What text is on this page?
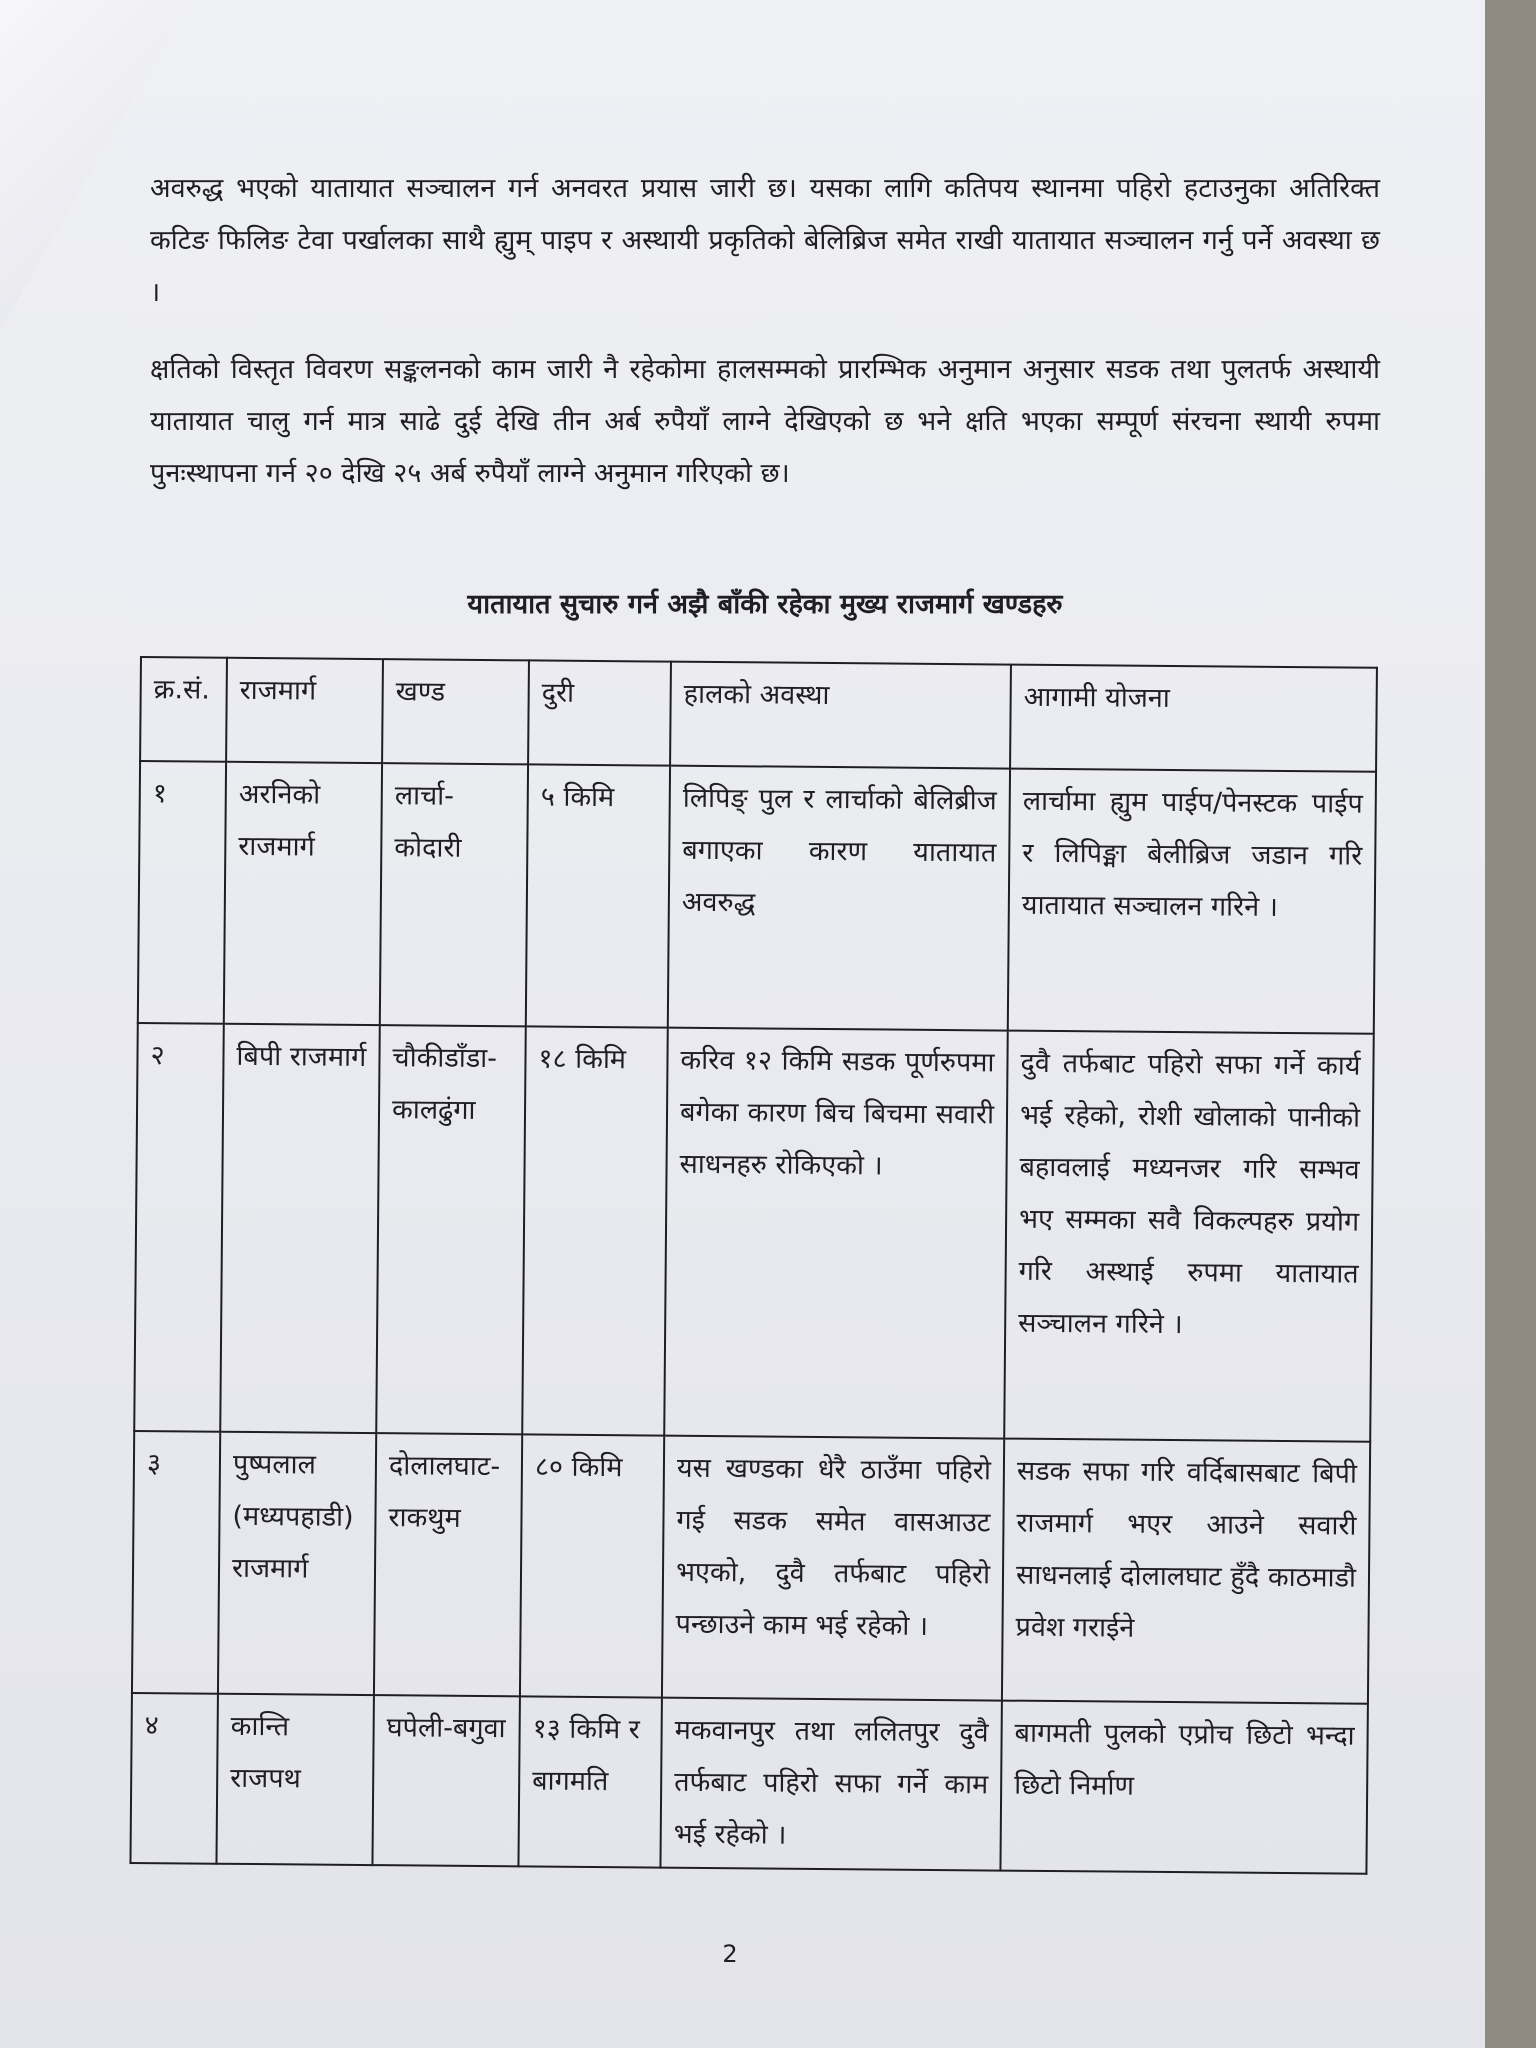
अवरुद्ध भएको यातायात सञ्चालन गर्न अनवरत प्रयास जारी छ। यसका लागि कतिपय स्थानमा पहिरो हटाउनुका अतिरिक्त कटिङ फिलिङ टेवा पर्खालका साथै ह्युम् पाइप र अस्थायी प्रकृतिको बेलिब्रिज समेत राखी यातायात सञ्चालन गर्नु पर्ने अवस्था छ ।

क्षतिको विस्तृत विवरण सङ्कलनको काम जारी नै रहेकोमा हालसम्मको प्रारम्भिक अनुमान अनुसार सडक तथा पुलतर्फ अस्थायी यातायात चालु गर्न मात्र साढे दुई देखि तीन अर्ब रुपैयाँ लाग्ने देखिएको छ भने क्षति भएका सम्पूर्ण संरचना स्थायी रुपमा पुनःस्थापना गर्न २० देखि २५ अर्ब रुपैयाँ लाग्ने अनुमान गरिएको छ।

यातायात सुचारु गर्न अझै बाँकी रहेका मुख्य राजमार्ग खण्डहरु

क्र.सं.	राजमार्ग	खण्ड	दुरी	हालको अवस्था	आगामी योजना
१	अरनिको राजमार्ग	लार्चा-कोदारी	५ किमि	लिपिङ् पुल र लार्चाको बेलिब्रीज बगाएका कारण यातायात अवरुद्ध	लार्चामा ह्युम पाईप/पेनस्टक पाईप र लिपिङ्मा बेलीब्रिज जडान गरि यातायात सञ्चालन गरिने ।
२	बिपी राजमार्ग	चौकीडाँडा-कालढुंगा	१८ किमि	करिव १२ किमि सडक पूर्णरुपमा बगेका कारण बिच बिचमा सवारी साधनहरु रोकिएको ।	दुवै तर्फबाट पहिरो सफा गर्ने कार्य भई रहेको, रोशी खोलाको पानीको बहावलाई मध्यनजर गरि सम्भव भए सम्मका सवै विकल्पहरु प्रयोग गरि अस्थाई रुपमा यातायात सञ्चालन गरिने ।
३	पुष्पलाल (मध्यपहाडी) राजमार्ग	दोलालघाट-राकथुम	८० किमि	यस खण्डका धेरै ठाउँमा पहिरो गई सडक समेत वासआउट भएको, दुवै तर्फबाट पहिरो पन्छाउने काम भई रहेको ।	सडक सफा गरि वर्दिबासबाट बिपी राजमार्ग भएर आउने सवारी साधनलाई दोलालघाट हुँदै काठमाडौ प्रवेश गराईने
४	कान्ति राजपथ	घपेली-बगुवा	१३ किमि र बागमति	मकवानपुर तथा ललितपुर दुवै तर्फबाट पहिरो सफा गर्ने काम भई रहेको ।	बागमती पुलको एप्रोच छिटो भन्दा छिटो निर्माण
2
